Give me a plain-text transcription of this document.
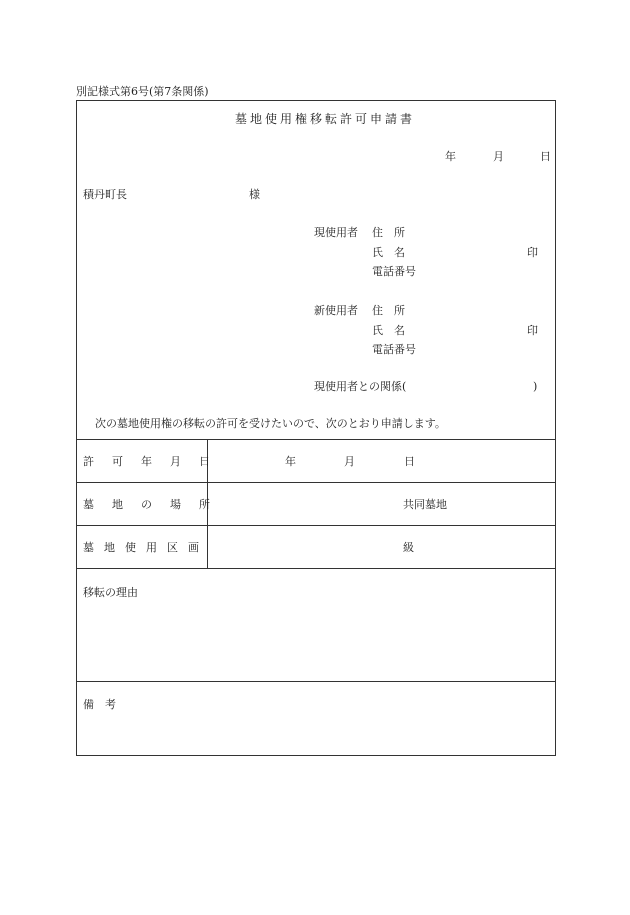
別記様式第6号(第7条関係)
墓地使用権移転許可申請書
年	月	日
積丹町長	様
現使用者 住　所
氏　名	印
電話番号
新使用者 住　所
氏　名	印
電話番号
現使用者との関係(	)
次の墓地使用権の移転の許可を受けたいので、次のとおり申請します。
許可年月日	年	月	日
墓地の場所	共同墓地
墓地使用区画	級
移転の理由
備　考
